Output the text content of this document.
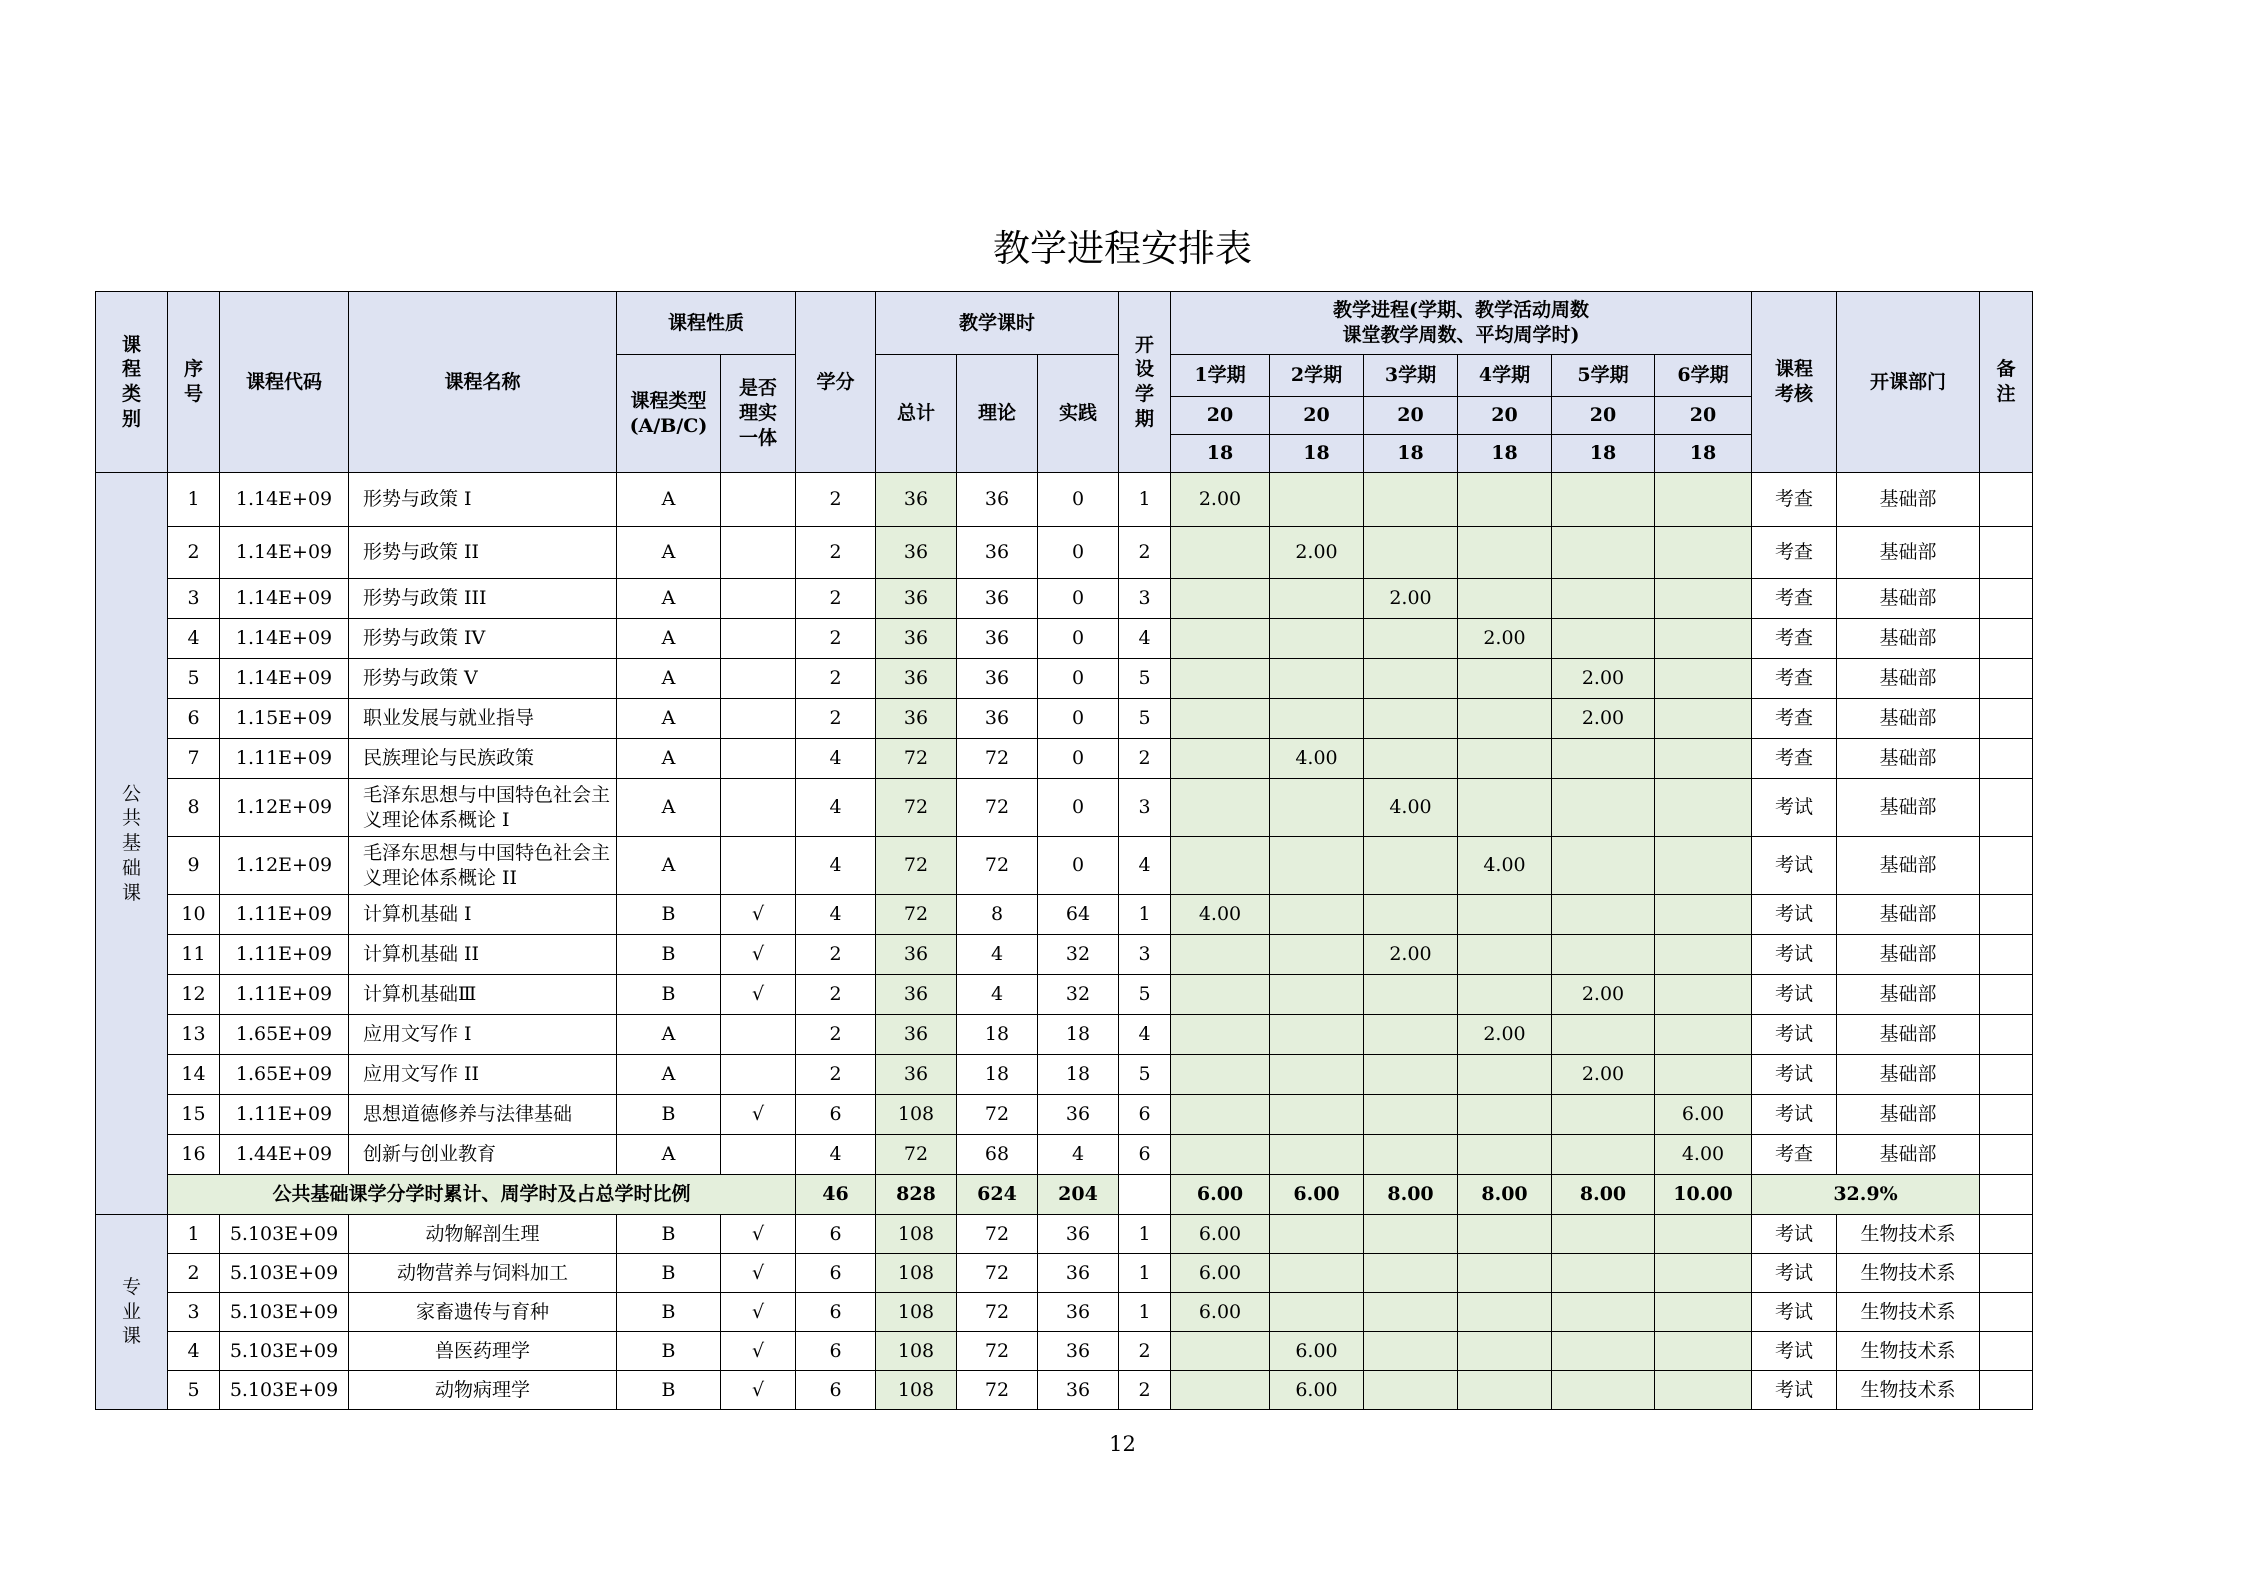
教学进程安排表
课程类别	序号	课程代码	课程名称	课程性质		学分	教学课时			开设学期	教学进程(学期、教学活动周数
课堂教学周数、平均周学时)						课程考核	开课部门	备注
				课程类型(A/B/C)	是否理实一体		总计	理论	实践		1学期	2学期	3学期	4学期	5学期	6学期			
											20	20	20	20	20	20			
											18	18	18	18	18	18			
公共基础课	1	1.14E+09	形势与政策 I	A		2	36	36	0	1	2.00						考查	基础部	
	2	1.14E+09	形势与政策 II	A		2	36	36	0	2		2.00					考查	基础部	
	3	1.14E+09	形势与政策 III	A		2	36	36	0	3			2.00				考查	基础部	
	4	1.14E+09	形势与政策 IV	A		2	36	36	0	4				2.00			考查	基础部	
	5	1.14E+09	形势与政策 V	A		2	36	36	0	5					2.00		考查	基础部	
	6	1.15E+09	职业发展与就业指导	A		2	36	36	0	5					2.00		考查	基础部	
	7	1.11E+09	民族理论与民族政策	A		4	72	72	0	2		4.00					考查	基础部	
	8	1.12E+09	毛泽东思想与中国特色社会主义理论体系概论 I	A		4	72	72	0	3			4.00				考试	基础部	
	9	1.12E+09	毛泽东思想与中国特色社会主义理论体系概论 II	A		4	72	72	0	4				4.00			考试	基础部	
	10	1.11E+09	计算机基础 I	B	√	4	72	8	64	1	4.00						考试	基础部	
	11	1.11E+09	计算机基础 II	B	√	2	36	4	32	3			2.00				考试	基础部	
	12	1.11E+09	计算机基础Ⅲ	B	√	2	36	4	32	5					2.00		考试	基础部	
	13	1.65E+09	应用文写作 I	A		2	36	18	18	4				2.00			考试	基础部	
	14	1.65E+09	应用文写作 II	A		2	36	18	18	5					2.00		考试	基础部	
	15	1.11E+09	思想道德修养与法律基础	B	√	6	108	72	36	6						6.00	考试	基础部	
	16	1.44E+09	创新与创业教育	A		4	72	68	4	6						4.00	考查	基础部	
	公共基础课学分学时累计、周学时及占总学时比例					46	828	624	204		6.00	6.00	8.00	8.00	8.00	10.00	32.9%		
专业课	1	5.103E+09	动物解剖生理	B	√	6	108	72	36	1	6.00						考试	生物技术系	
	2	5.103E+09	动物营养与饲料加工	B	√	6	108	72	36	1	6.00						考试	生物技术系	
	3	5.103E+09	家畜遗传与育种	B	√	6	108	72	36	1	6.00						考试	生物技术系	
	4	5.103E+09	兽医药理学	B	√	6	108	72	36	2		6.00					考试	生物技术系	
	5	5.103E+09	动物病理学	B	√	6	108	72	36	2		6.00					考试	生物技术系	
12
